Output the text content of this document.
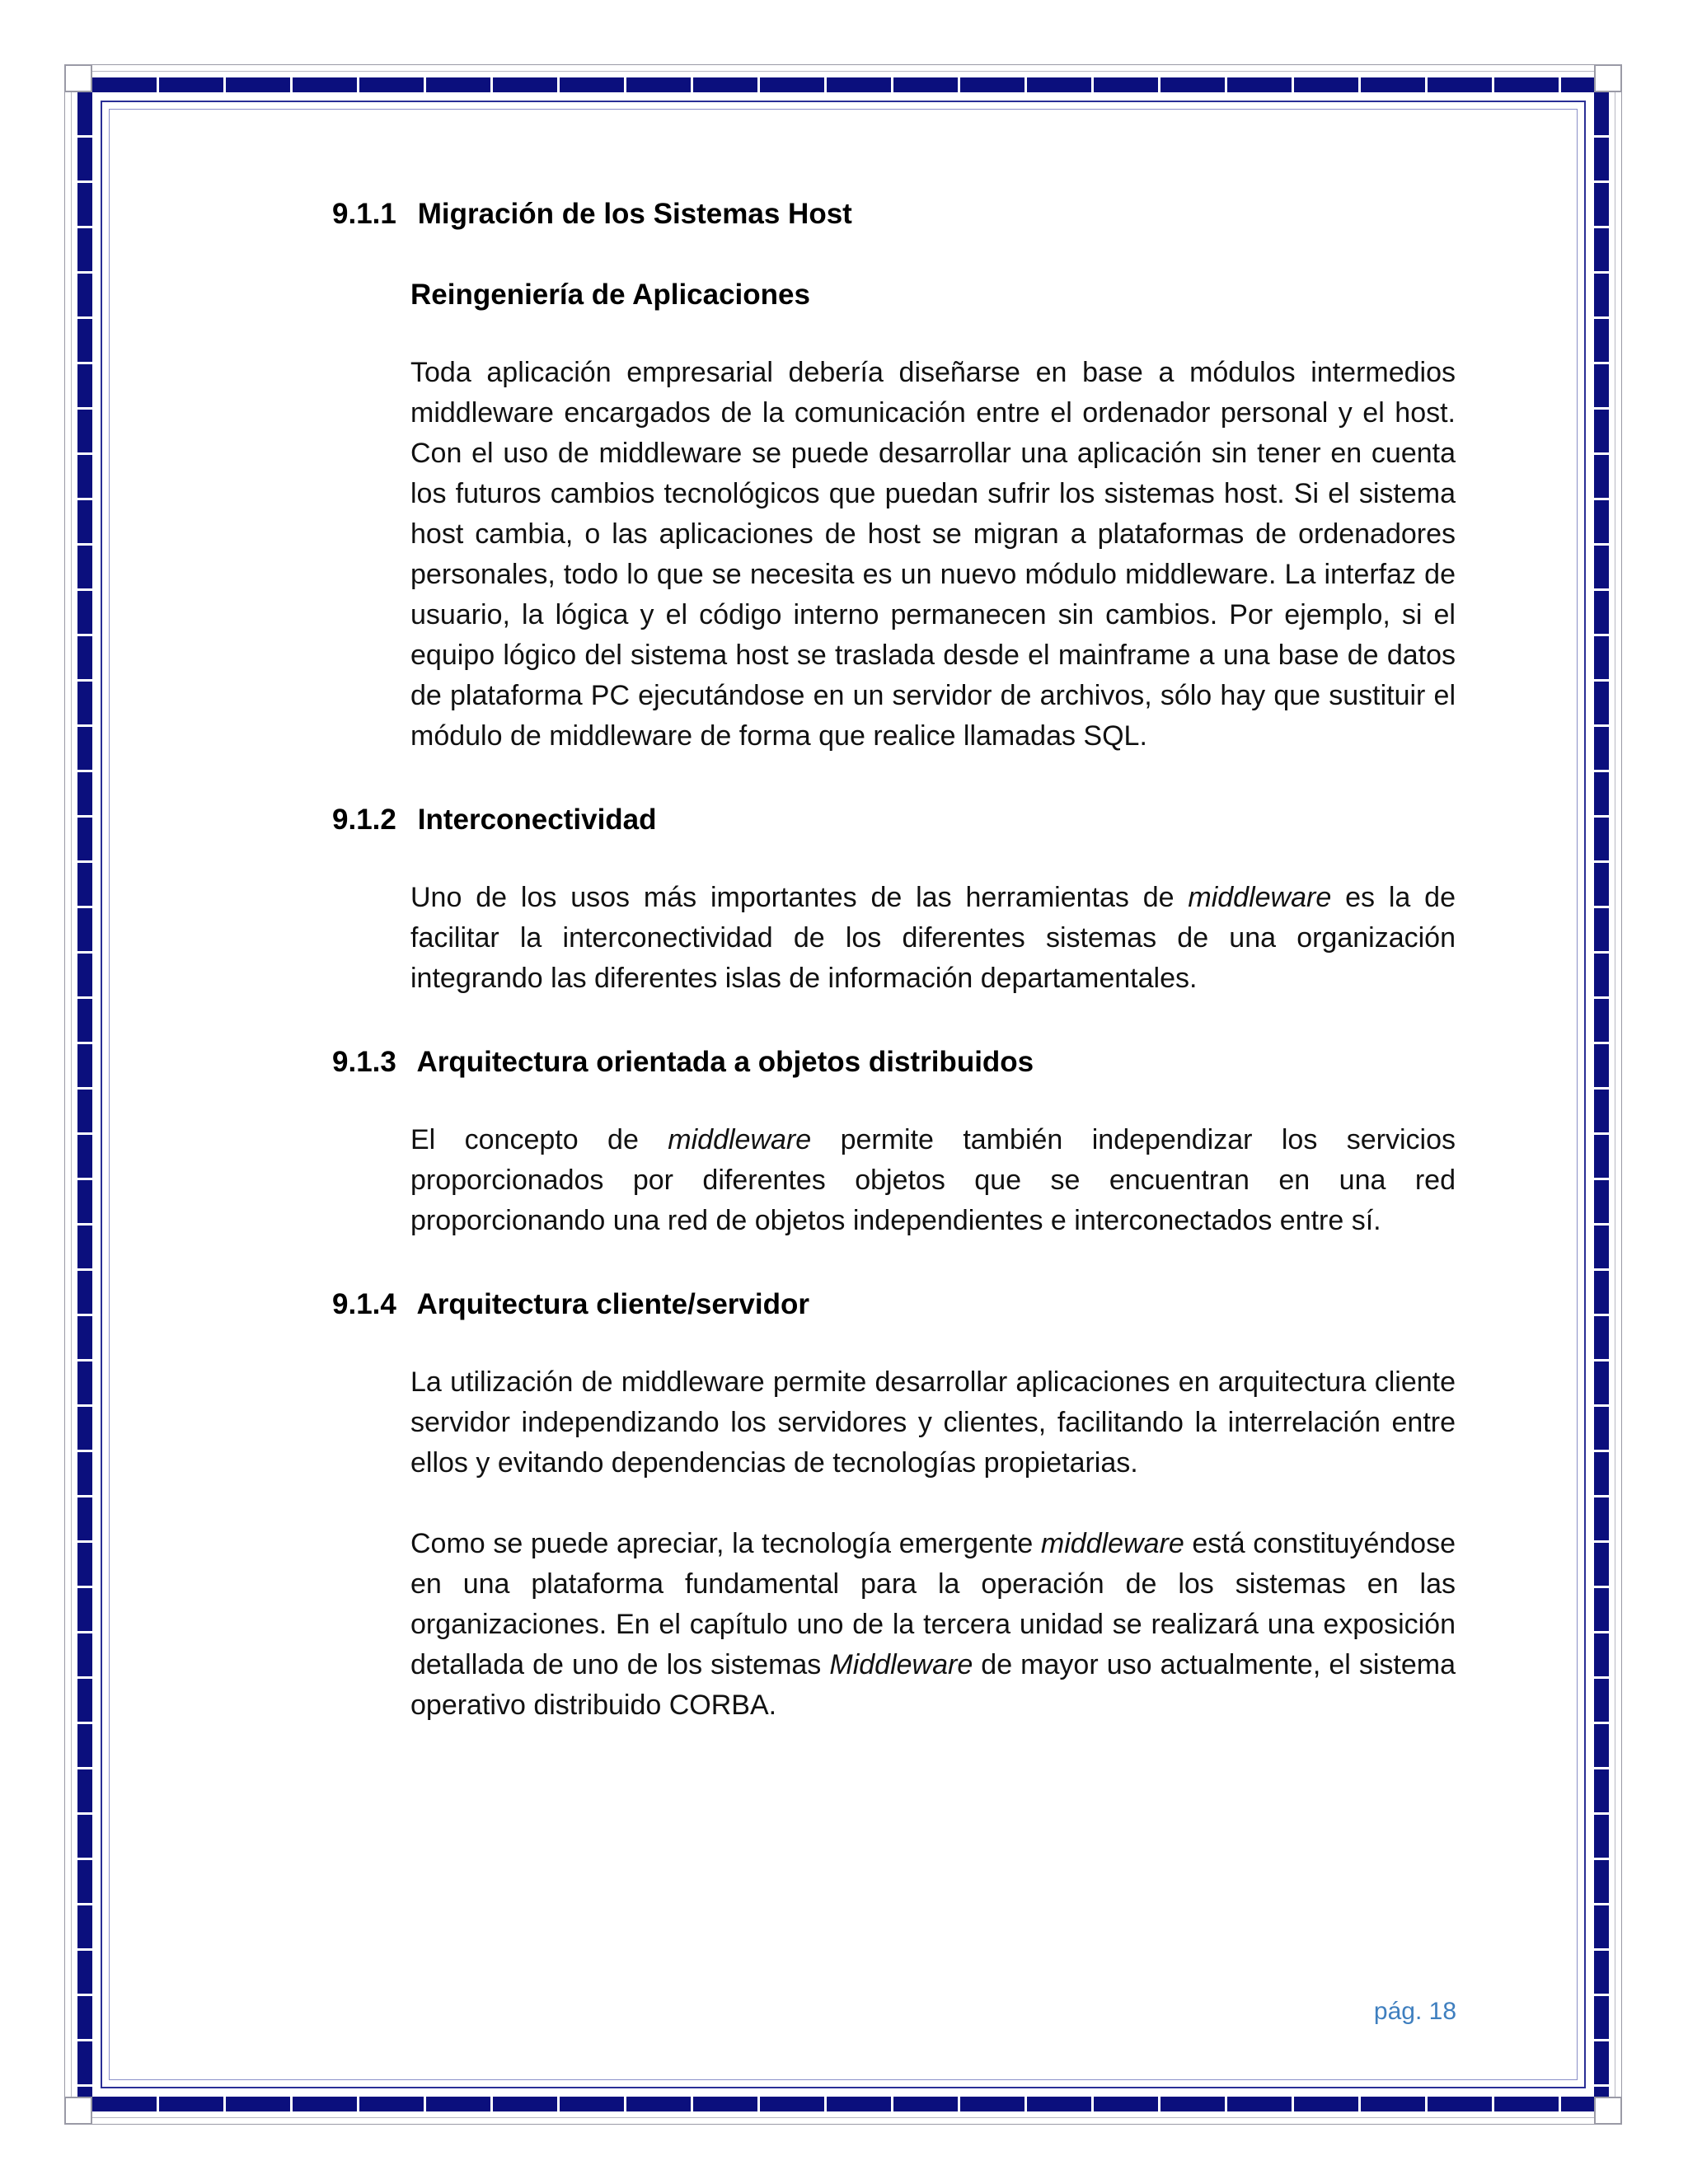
9.1.1 Migración de los Sistemas Host
Reingeniería de Aplicaciones

Toda aplicación empresarial debería diseñarse en base a módulos intermedios middleware encargados de la comunicación entre el ordenador personal y el host. Con el uso de middleware se puede desarrollar una aplicación sin tener en cuenta los futuros cambios tecnológicos que puedan sufrir los sistemas host. Si el sistema host cambia, o las aplicaciones de host se migran a plataformas de ordenadores personales, todo lo que se necesita es un nuevo módulo middleware. La interfaz de usuario, la lógica y el código interno permanecen sin cambios. Por ejemplo, si el equipo lógico del sistema host se traslada desde el mainframe a una base de datos de plataforma PC ejecutándose en un servidor de archivos, sólo hay que sustituir el módulo de middleware de forma que realice llamadas SQL.

9.1.2 Interconectividad

Uno de los usos más importantes de las herramientas de middleware es la de facilitar la interconectividad de los diferentes sistemas de una organización integrando las diferentes islas de información departamentales.

9.1.3 Arquitectura orientada a objetos distribuidos

El concepto de middleware permite también independizar los servicios proporcionados por diferentes objetos que se encuentran en una red proporcionando una red de objetos independientes e interconectados entre sí.

9.1.4 Arquitectura cliente/servidor

La utilización de middleware permite desarrollar aplicaciones en arquitectura cliente servidor independizando los servidores y clientes, facilitando la interrelación entre ellos y evitando dependencias de tecnologías propietarias.

Como se puede apreciar, la tecnología emergente middleware está constituyéndose en una plataforma fundamental para la operación de los sistemas en las organizaciones. En el capítulo uno de la tercera unidad se realizará una exposición detallada de uno de los sistemas Middleware de mayor uso actualmente, el sistema operativo distribuido CORBA.

pág. 18
